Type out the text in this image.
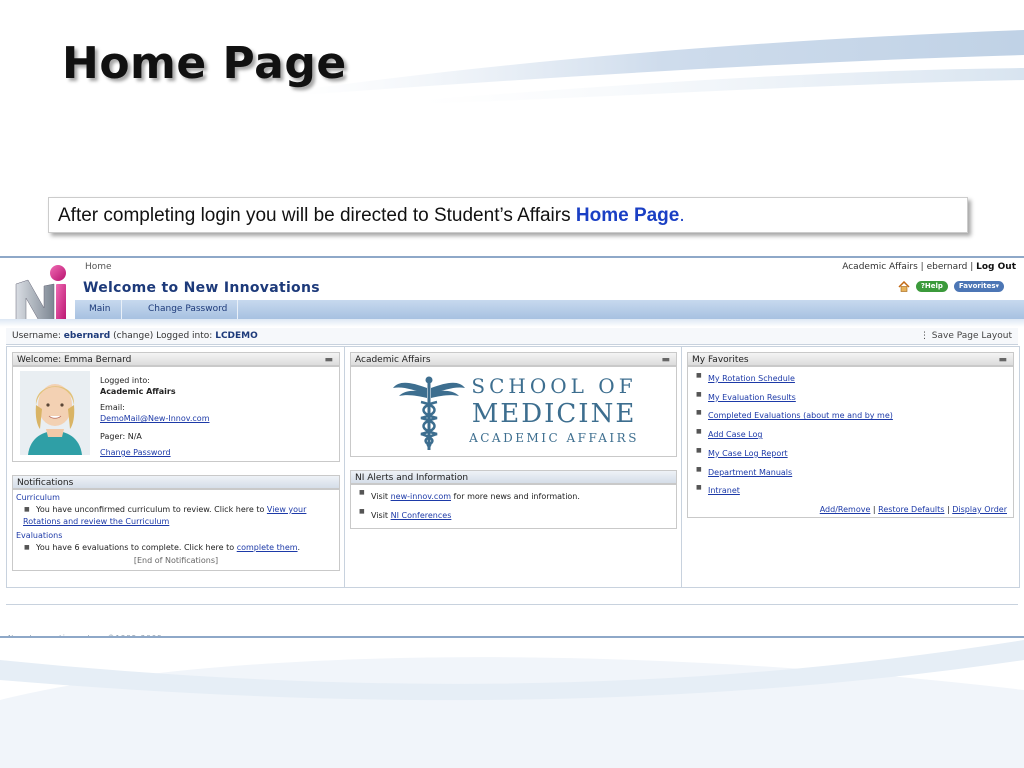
Home Page
After completing login you will be directed to Student’s Affairs Home Page.
Home
Welcome to New Innovations
Academic Affairs | ebernard | Log Out
?Help	Favorites▾
Main	Change Password
Username: ebernard (change) Logged into: LCDEMO	⋮ Save Page Layout
Welcome: Emma Bernard	▬
Logged into:
Academic Affairs
Email:
DemoMail@New-Innov.com
Pager: N/A
Change Password
Notifications
Curriculum
■ You have unconfirmed curriculum to review. Click here to View your
Rotations and review the Curriculum
Evaluations
■ You have 6 evaluations to complete. Click here to complete them.
[End of Notifications]
Academic Affairs	▬
SCHOOL OF
MEDICINE
ACADEMIC AFFAIRS
NI Alerts and Information
■ Visit new-innov.com for more news and information.
■ Visit NI Conferences
My Favorites	▬
■ My Rotation Schedule
■ My Evaluation Results
■ Completed Evaluations (about me and by me)
■ Add Case Log
■ My Case Log Report
■ Department Manuals
■ Intranet
Add/Remove | Restore Defaults | Display Order
